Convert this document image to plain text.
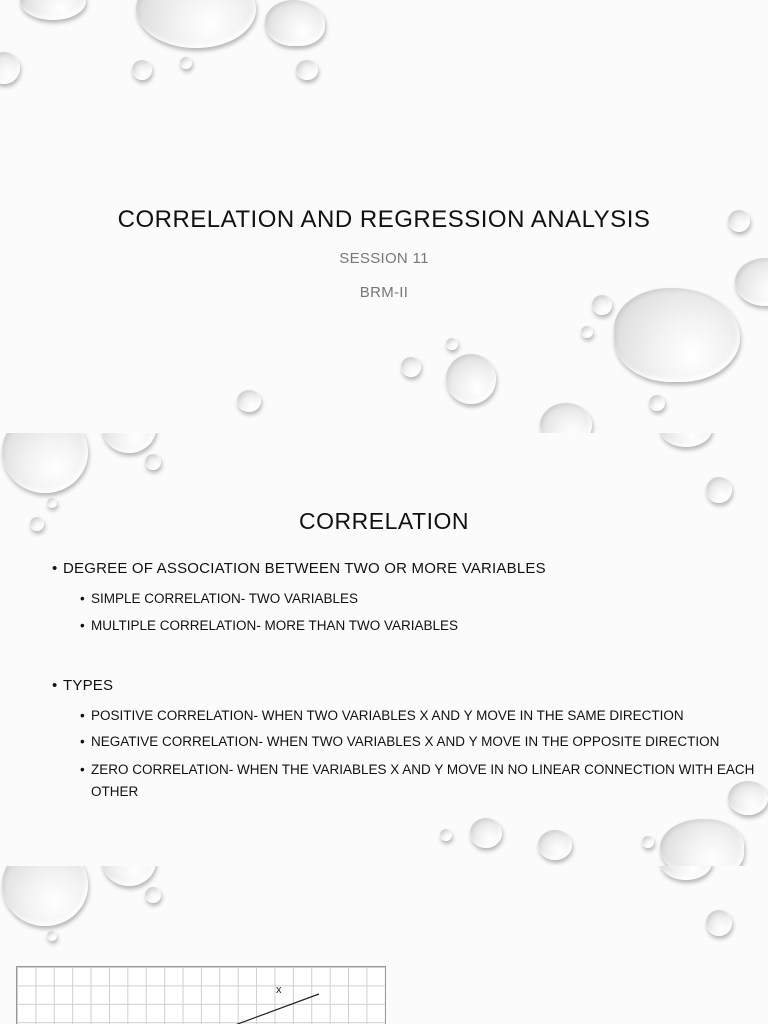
CORRELATION AND REGRESSION ANALYSIS
SESSION 11
BRM-II
CORRELATION
• DEGREE OF ASSOCIATION BETWEEN TWO OR MORE VARIABLES
• SIMPLE CORRELATION- TWO VARIABLES
• MULTIPLE CORRELATION- MORE THAN TWO VARIABLES
• TYPES
• POSITIVE CORRELATION- WHEN TWO VARIABLES X AND Y MOVE IN THE SAME DIRECTION
• NEGATIVE CORRELATION- WHEN TWO VARIABLES X AND Y MOVE IN THE OPPOSITE DIRECTION
• ZERO CORRELATION- WHEN THE VARIABLES X AND Y MOVE IN NO LINEAR CONNECTION WITH EACH OTHER
x
